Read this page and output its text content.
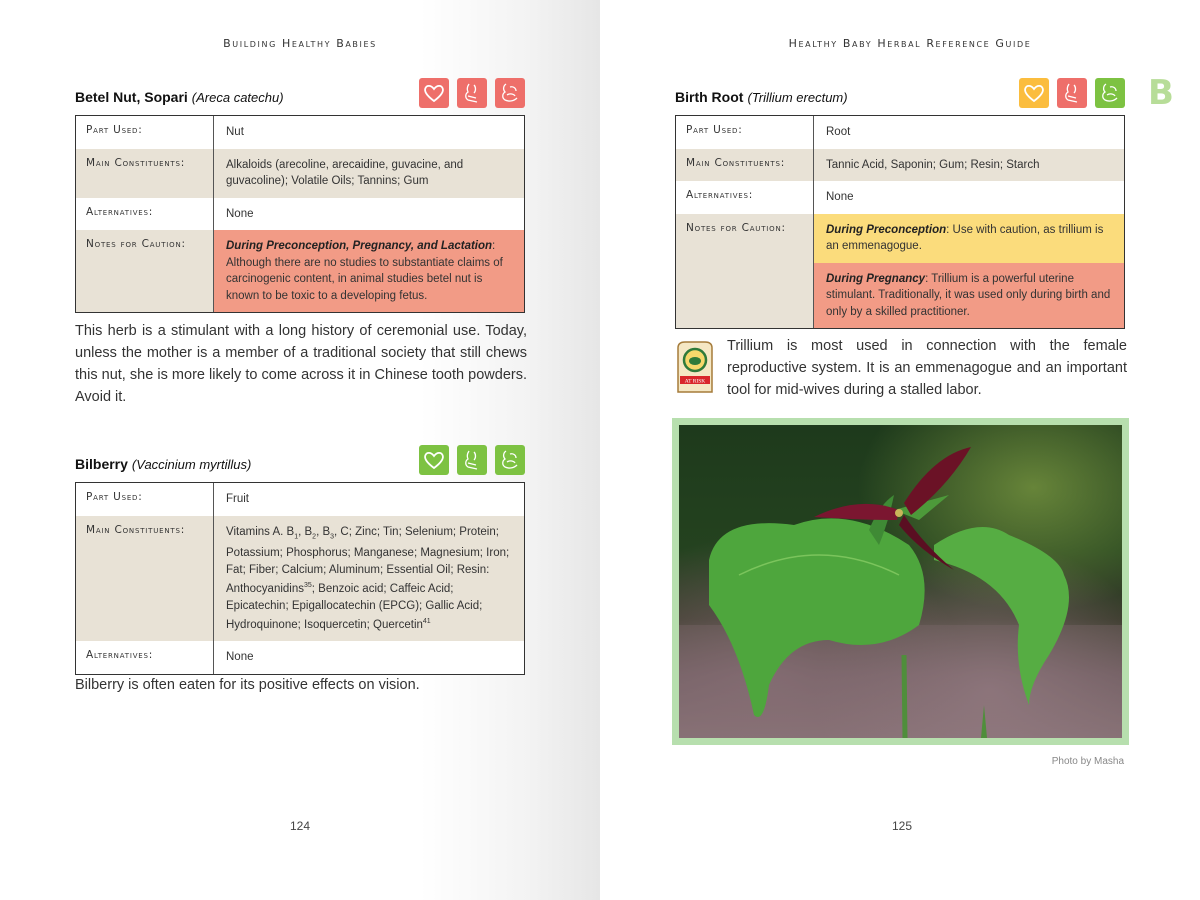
Building Healthy Babies
Betel Nut, Sopari (Areca catechu)
Part Used:	Nut
Main Constituents:	Alkaloids (arecoline, arecaidine, guvacine, and guvacoline); Volatile Oils; Tannins; Gum
Alternatives:	None
Notes for Caution:	During Preconception, Pregnancy, and Lactation: Although there are no studies to substantiate claims of carcinogenic content, in animal studies betel nut is known to be toxic to a developing fetus.
This herb is a stimulant with a long history of ceremonial use. Today, unless the mother is a member of a traditional society that still chews this nut, she is more likely to come across it in Chinese tooth powders. Avoid it.
Bilberry (Vaccinium myrtillus)
Part Used:	Fruit
Main Constituents:	Vitamins A. $B_1$, $B_2$, $B_3$, C; Zinc; Tin; Selenium; Protein; Potassium; Phosphorus; Manganese; Magnesium; Iron; Fat; Fiber; Calcium; Aluminum; Essential Oil; Resin: Anthocyanidins$^{35}$; Benzoic acid; Caffeic Acid; Epicatechin; Epigallocatechin (EPCG); Gallic Acid; Hydroquinone; Isoquercetin; Quercetin$^{41}$
Alternatives:	None
Bilberry is often eaten for its positive effects on vision.
124
Healthy Baby Herbal Reference Guide
B
Birth Root (Trillium erectum)
Part Used:	Root
Main Constituents:	Tannic Acid, Saponin; Gum; Resin; Starch
Alternatives:	None
Notes for Caution:	During Preconception: Use with caution, as trillium is an emmenagogue.
During Pregnancy: Trillium is a powerful uterine stimulant. Traditionally, it was used only during birth and only by a skilled practitioner.
AT RISK
Trillium is most used in connection with the female reproductive system. It is an emmenagogue and an important tool for mid-wives during a stalled labor.
Photo by Masha
125
